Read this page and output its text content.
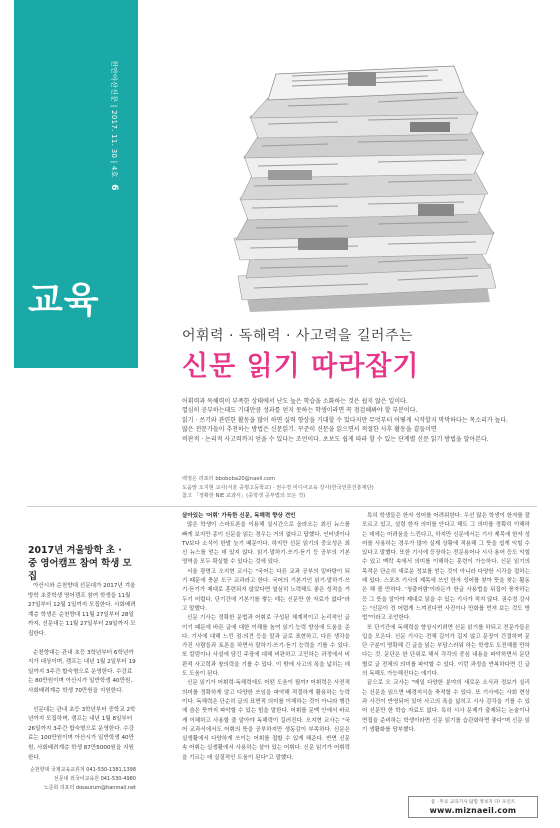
천안아산신문 | 2017. 11. 30 | 4호 6
교육
어휘력 · 독해력 · 사고력을 길러주는
신문 읽기 따라잡기

어휘력과 독해력이 부족한 상태에서 난도 높은 학습을 소화하는 것은 쉽지 않은 일이다.

열심히 공부하는데도 기대만큼 성과를 얻지 못하는 학생이라면 꼭 점검해봐야 할 부분이다.

읽기 · 쓰기와 관련한 활동을 많이 하면 실력 향상을 기대할 수 있다지만 무엇부터 어떻게 시작할지 막막하다는 목소리가 높다.

많은 전문가들이 추천하는 방법은 신문읽기. 꾸준히 신문을 읽으면서 적절한 사후 활동을 곁들이면

비판적 · 논리적 사고력까지 얻을 수 있다는 조언이다. 초보도 쉽게 따라 할 수 있는 단계별 신문 읽기 방법을 알아본다.

백정은 리포터 bboboba20@naeil.com

도움말 오지현 교사(서울 중평고등학교) · 권수정 미디어교육 강사(한국언론진흥재단)

참고 「정확한 NIE 교과서」(중학생 공부법의 모든 것)

2017년 겨울방학 초 · 중 영어캠프 참여 학생 모집

아산시와 순천향대 선문대가 2017년 겨울방학 초중학생 영어캠프 참여 학생을 11월 27일부터 12월 1일까지 모집한다. 사회배려계층 학생은 순천향대 11월 27일부터 28일까지, 선문대는 11월 27일부터 29일까지 모집한다.

순천향대는 관내 초등 3학년부터 6학년까지가 대상이며, 캠프는 내년 1월 2일부터 19일까지 3주간 합숙형으로 운영한다. 수강료는 80만원이며 아산시가 일반학생 40만원, 사회배려계층 학생 70만원을 지원한다.

선문대는 관내 초등 3학년부터 중학교 2학년까지 모집하며, 캠프는 내년 1월 8일부터 26일까지 3주간 합숙형으로 운영한다. 수강료는 100만원이며 아산시가 일반학생 40만원, 사회배려계층 학생 87만5000원을 지원한다.

순천향대 국제교육교류처 041-530-1381,1398

선문대 외국어교육원 041-530-4980

노준희 리포터 dosaurum@hanmail.net

살아있는 '어휘' 가득한 신문, 독해력 향상 견인

많은 학생이 스마트폰을 이용해 실시간으로 올라오는 최신 뉴스를 빠게 보지만 종이 신문을 읽는 경우는 거의 없다고 답했다. 인터넷이나 TV보다 소식이 한발 늦기 때문이다. 하지만 신문 읽기의 중요성은 최신 뉴스를 얻는 데 있지 않다. 읽기·말하기·쓰기·듣기 등 공부의 기본 영역을 모두 확실할 수 있다는 것에 있다.

서울 광명고 오지현 교사는 "국어는 다른 교과 공부의 밑바탕이 되기 때문에 충분 도구 교과라고 한다. 국어의 기본기인 읽기·말하기·쓰기·듣기가 제대로 훈련되지 않았다면 열심히 노력해도 좋은 성적을 거두기 어렵다. 단기간에 기본기를 쌓는 데는 신문만 한 자료가 없다"라고 말했다.

신문 기사는 정확한 문법과 어휘로 구성된 체계적이고 논리적인 글이기 때문에 바른 글에 대한 이해를 높여 읽기 능력 향상에 도움을 준다. 기사에 대해 느낀 점·의견 등을 말과 글로 표현하고, 다른 생각을 가진 사람들과 토론을 하면서 말하기·쓰기·듣기 능력을 기를 수 있다. 또 칼럼이나 사설에 담긴 주장에 대해 비판하고 고민하는 과정에서 비판적 사고력과 창의력을 기를 수 있다. 이 밖에 사고의 폭을 넓히는 데도 도움이 된다.

신문 읽기가 어휘력·독해력에도 어떤 도움이 될까? 어휘력은 사전적 의미를 정확하게 알고 다양한 쓰임을 파악해 적절하게 활용하는 능력이다. 독해력은 단순히 글의 표면적 의미를 이해하는 것이 아니라 행간에 숨은 뜻까지 파악할 수 있는 힘을 말한다. 어휘를 문맥 안에서 바르게 이해하고 사용할 줄 알아야 독해력이 길러진다. 오지현 교사는 "국어 교과서에서도 어휘의 뜻을 공부하지만 생동감이 부족하다. 신문은 실생활에서 다양하게 쓰이는 어휘를 접할 수 있게 해준다. 반면 신문 속 어휘는 실생활에서 사용하는 살아 있는 어휘다. 신문 읽기가 어휘력을 기르는 데 실질적인 도움이 된다"고 말했다.

특히 학생들은 한자 성어를 어려워한다. 우선 많은 학생이 한자를 잘 모르고 있고, 설령 한자 의미를 안다고 해도 그 의미를 정확히 이해하는 데에는 어려움을 느낀다고, 하지만 신문에서는 기사 제목에 한자 성어를 사용하는 경우가 많아 실제 상황에 적용해 그 뜻을 쉽게 익힐 수 있다고 말했다. 또한 기사에 등장하는 전문용어나 시사 용어 등도 익힐 수 있고 맥락 속에서 의미를 이해하는 훈련이 가능하다. 신문 읽기의 목적은 단순히 새로운 정보를 얻는 것이 아니라 다양한 시각을 접하는 데 있다. 스포츠 기사의 제목에 쓰인 한자 성어를 찾아 뜻을 찾는 활동은 해 볼 만하다. '청출어람'이라든가 한글 사용법을 뒤집어 풍자하는 등 그 뜻을 알아야 제대로 읽을 수 있는 기사가 적지 않다. 권수정 강사는 "신문이 정 어렵게 느껴진다면 사진이나 만화를 먼저 보는 것도 방법"이라고 조언한다.

또 단기간에 독해력을 향상시키려면 신문 읽기를 하되고 전문가들은 입을 모은다. 신문 기사는 전체 길이가 길지 않고 문장이 간결하며 문단 구분이 명확해 긴 글을 읽는 부담스러워 하는 학생도 도전해볼 만하다는 것. 문단은 한 단위로 해서 각각의 중심 내용을 파악하면서 문단별로 글 전체의 의미를 파악할 수 있다. 이런 과정을 반복하다면 긴 글의 독해도 가능해진다는 얘기다.

끝으로 오 교사는 "매일 다양한 분야의 새로운 소식과 정보가 실리는 신문을 읽으면 배경지식을 축적할 수 있다. 또 기사에는 사회 현상과 사건이 반영되어 있어 사고의 폭을 넓히고 시사 감각을 기를 수 있어 신문만 한 학습 자료도 없다. 특히 시사 문제가 출제되는 논술이나 면접을 준비하는 학생이라면 신문 읽기를 습관화하면 좋다"며 신문 읽기 생활화를 당부했다.

중 · 무료 교육기사 탐험 정보지 다! 포인트
www.miznaeil.com
